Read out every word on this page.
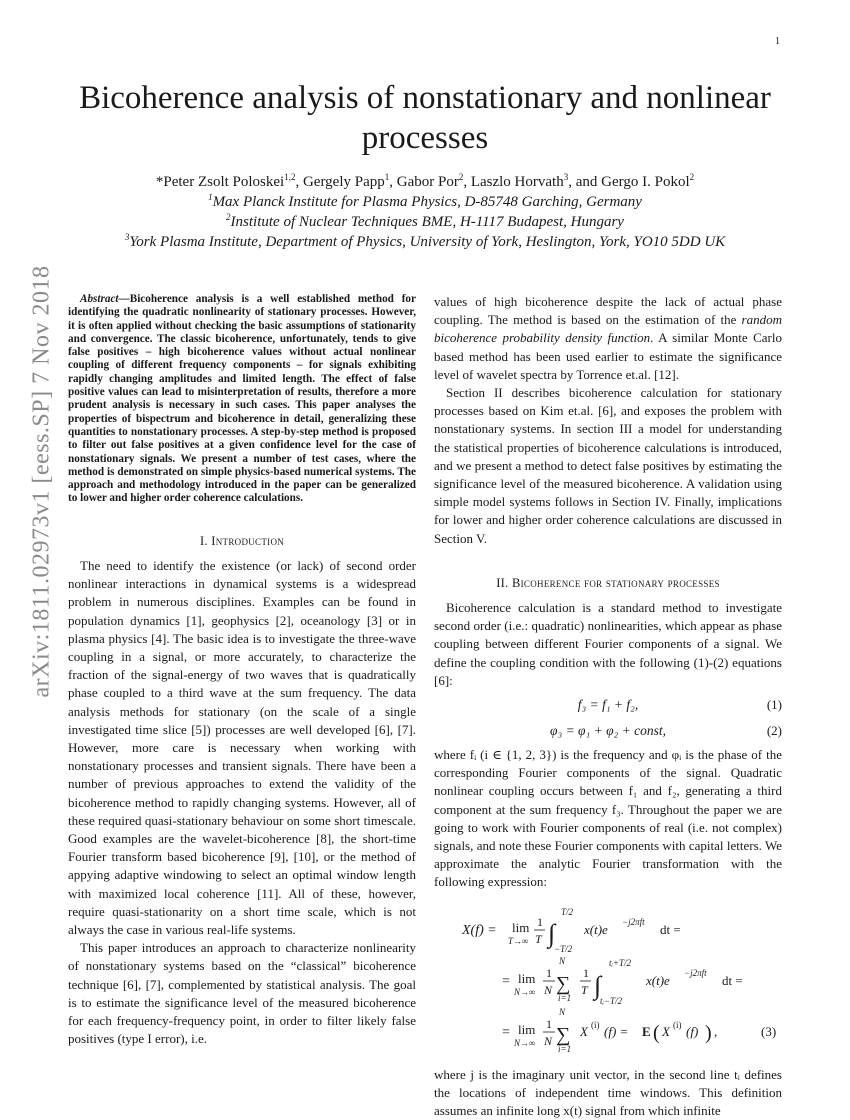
1
arXiv:1811.02973v1 [eess.SP] 7 Nov 2018
Bicoherence analysis of nonstationary and nonlinear
processes
*Peter Zsolt Poloskei$^{1,2}$, Gergely Papp$^1$, Gabor Por$^2$, Laszlo Horvath$^3$, and Gergo I. Pokol$^2$
$^1$Max Planck Institute for Plasma Physics, D-85748 Garching, Germany
$^2$Institute of Nuclear Techniques BME, H-1117 Budapest, Hungary
$^3$York Plasma Institute, Department of Physics, University of York, Heslington, York, YO10 5DD UK

Abstract—Bicoherence analysis is a well established method for identifying the quadratic nonlinearity of stationary processes. However, it is often applied without checking the basic assumptions of stationarity and convergence. The classic bicoherence, unfortunately, tends to give false positives – high bicoherence values without actual nonlinear coupling of different frequency components – for signals exhibiting rapidly changing amplitudes and limited length. The effect of false positive values can lead to misinterpretation of results, therefore a more prudent analysis is necessary in such cases. This paper analyses the properties of bispectrum and bicoherence in detail, generalizing these quantities to nonstationary processes. A step-by-step method is proposed to filter out false positives at a given confidence level for the case of nonstationary signals. We present a number of test cases, where the method is demonstrated on simple physics-based numerical systems. The approach and methodology introduced in the paper can be generalized to lower and higher order coherence calculations.

I. Introduction

The need to identify the existence (or lack) of second order nonlinear interactions in dynamical systems is a widespread problem in numerous disciplines. Examples can be found in population dynamics [1], geophysics [2], oceanology [3] or in plasma physics [4]. The basic idea is to investigate the three-wave coupling in a signal, or more accurately, to characterize the fraction of the signal-energy of two waves that is quadratically phase coupled to a third wave at the sum frequency. The data analysis methods for stationary (on the scale of a single investigated time slice [5]) processes are well developed [6], [7]. However, more care is necessary when working with nonstationary processes and transient signals. There have been a number of previous approaches to extend the validity of the bicoherence method to rapidly changing systems. However, all of these required quasi-stationary behaviour on some short timescale. Good examples are the wavelet-bicoherence [8], the short-time Fourier transform based bicoherence [9], [10], or the method of appying adaptive windowing to select an optimal window length with maximized local coherence [11]. All of these, however, require quasi-stationarity on a short time scale, which is not always the case in various real-life systems.

This paper introduces an approach to characterize nonlinearity of nonstationary systems based on the “classical” bicoherence technique [6], [7], complemented by statistical analysis. The goal is to estimate the significance level of the measured bicoherence for each frequency-frequency point, in order to filter likely false positives (type I error), i.e.

values of high bicoherence despite the lack of actual phase coupling. The method is based on the estimation of the random bicoherence probability density function. A similar Monte Carlo based method has been used earlier to estimate the significance level of wavelet spectra by Torrence et.al. [12].

Section II describes bicoherence calculation for stationary processes based on Kim et.al. [6], and exposes the problem with nonstationary systems. In section III a model for understanding the statistical properties of bicoherence calculations is introduced, and we present a method to detect false positives by estimating the significance level of the measured bicoherence. A validation using simple model systems follows in Section IV. Finally, implications for lower and higher order coherence calculations are discussed in Section V.

II. Bicoherence for stationary processes

Bicoherence calculation is a standard method to investigate second order (i.e.: quadratic) nonlinearities, which appear as phase coupling between different Fourier components of a signal. We define the coupling condition with the following (1)-(2) equations [6]:

f₃ = f₁ + f₂,	(1)
φ₃ = φ₁ + φ₂ + const,	(2)

where fᵢ (i ∈ {1, 2, 3}) is the frequency and φᵢ is the phase of the corresponding Fourier components of the signal. Quadratic nonlinear coupling occurs between f₁ and f₂, generating a third component at the sum frequency f₃. Throughout the paper we are going to work with Fourier components of real (i.e. not complex) signals, and note these Fourier components with capital letters. We approximate the analytic Fourier transformation with the following expression:

X(f) = lim
T→∞
1
T ∫
T/2
−T/2
x(t)e −j2πft dt =
= lim
N→∞
1
N
N
∑
i=1
1
T ∫
tᵢ+T/2
tᵢ−T/2
x(t)e −j2πft dt =
= lim
N→∞
1
N
N
∑
i=1
X (i) (f) = E ( X (i) (f) ) ,	(3)

where j is the imaginary unit vector, in the second line tᵢ defines the locations of independent time windows. This definition assumes an infinite long x(t) signal from which infinite
